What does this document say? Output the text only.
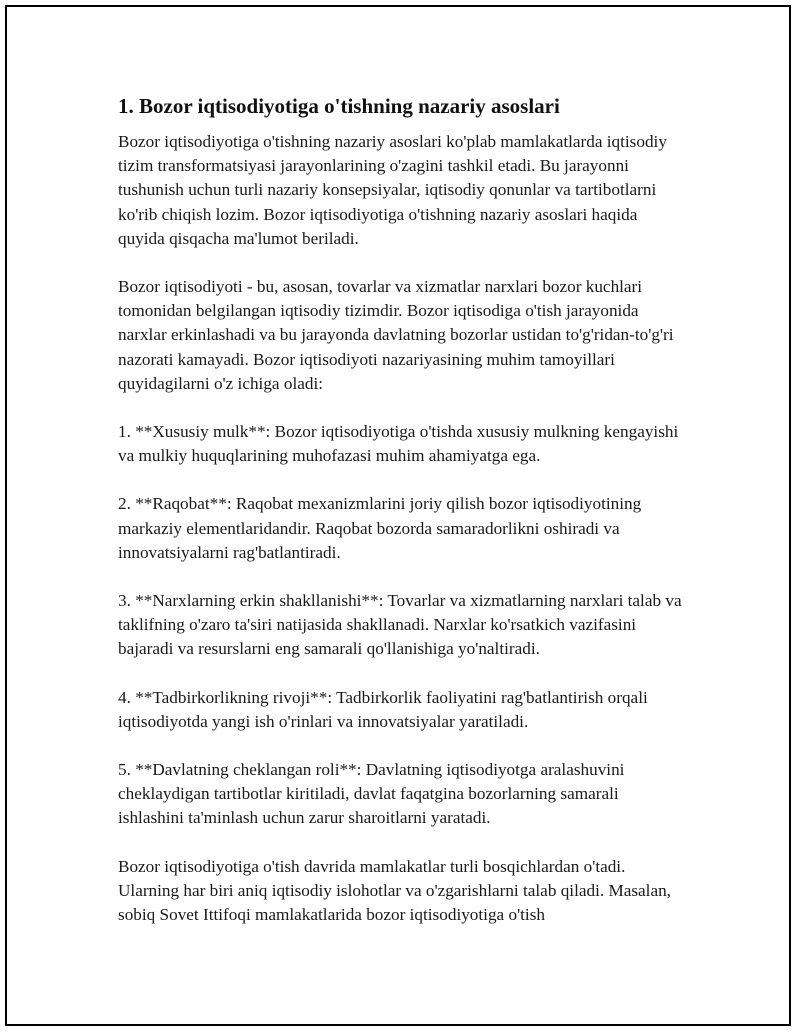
1. Bozor iqtisodiyotiga o'tishning nazariy asoslari

Bozor iqtisodiyotiga o'tishning nazariy asoslari ko'plab mamlakatlarda iqtisodiy tizim transformatsiyasi jarayonlarining o'zagini tashkil etadi. Bu jarayonni tushunish uchun turli nazariy konsepsiyalar, iqtisodiy qonunlar va tartibotlarni ko'rib chiqish lozim. Bozor iqtisodiyotiga o'tishning nazariy asoslari haqida quyida qisqacha ma'lumot beriladi.

Bozor iqtisodiyoti - bu, asosan, tovarlar va xizmatlar narxlari bozor kuchlari tomonidan belgilangan iqtisodiy tizimdir. Bozor iqtisodiga o'tish jarayonida narxlar erkinlashadi va bu jarayonda davlatning bozorlar ustidan to'g'ridan-to'g'ri nazorati kamayadi. Bozor iqtisodiyoti nazariyasining muhim tamoyillari quyidagilarni o'z ichiga oladi:

1. **Xususiy mulk**: Bozor iqtisodiyotiga o'tishda xususiy mulkning kengayishi va mulkiy huquqlarining muhofazasi muhim ahamiyatga ega.

2. **Raqobat**: Raqobat mexanizmlarini joriy qilish bozor iqtisodiyotining markaziy elementlaridandir. Raqobat bozorda samaradorlikni oshiradi va innovatsiyalarni rag'batlantiradi.

3. **Narxlarning erkin shakllanishi**: Tovarlar va xizmatlarning narxlari talab va taklifning o'zaro ta'siri natijasida shakllanadi. Narxlar ko'rsatkich vazifasini bajaradi va resurslarni eng samarali qo'llanishiga yo'naltiradi.

4. **Tadbirkorlikning rivoji**: Tadbirkorlik faoliyatini rag'batlantirish orqali iqtisodiyotda yangi ish o'rinlari va innovatsiyalar yaratiladi.

5. **Davlatning cheklangan roli**: Davlatning iqtisodiyotga aralashuvini cheklaydigan tartibotlar kiritiladi, davlat faqatgina bozorlarning samarali ishlashini ta'minlash uchun zarur sharoitlarni yaratadi.

Bozor iqtisodiyotiga o'tish davrida mamlakatlar turli bosqichlardan o'tadi. Ularning har biri aniq iqtisodiy islohotlar va o'zgarishlarni talab qiladi. Masalan, sobiq Sovet Ittifoqi mamlakatlarida bozor iqtisodiyotiga o'tish
